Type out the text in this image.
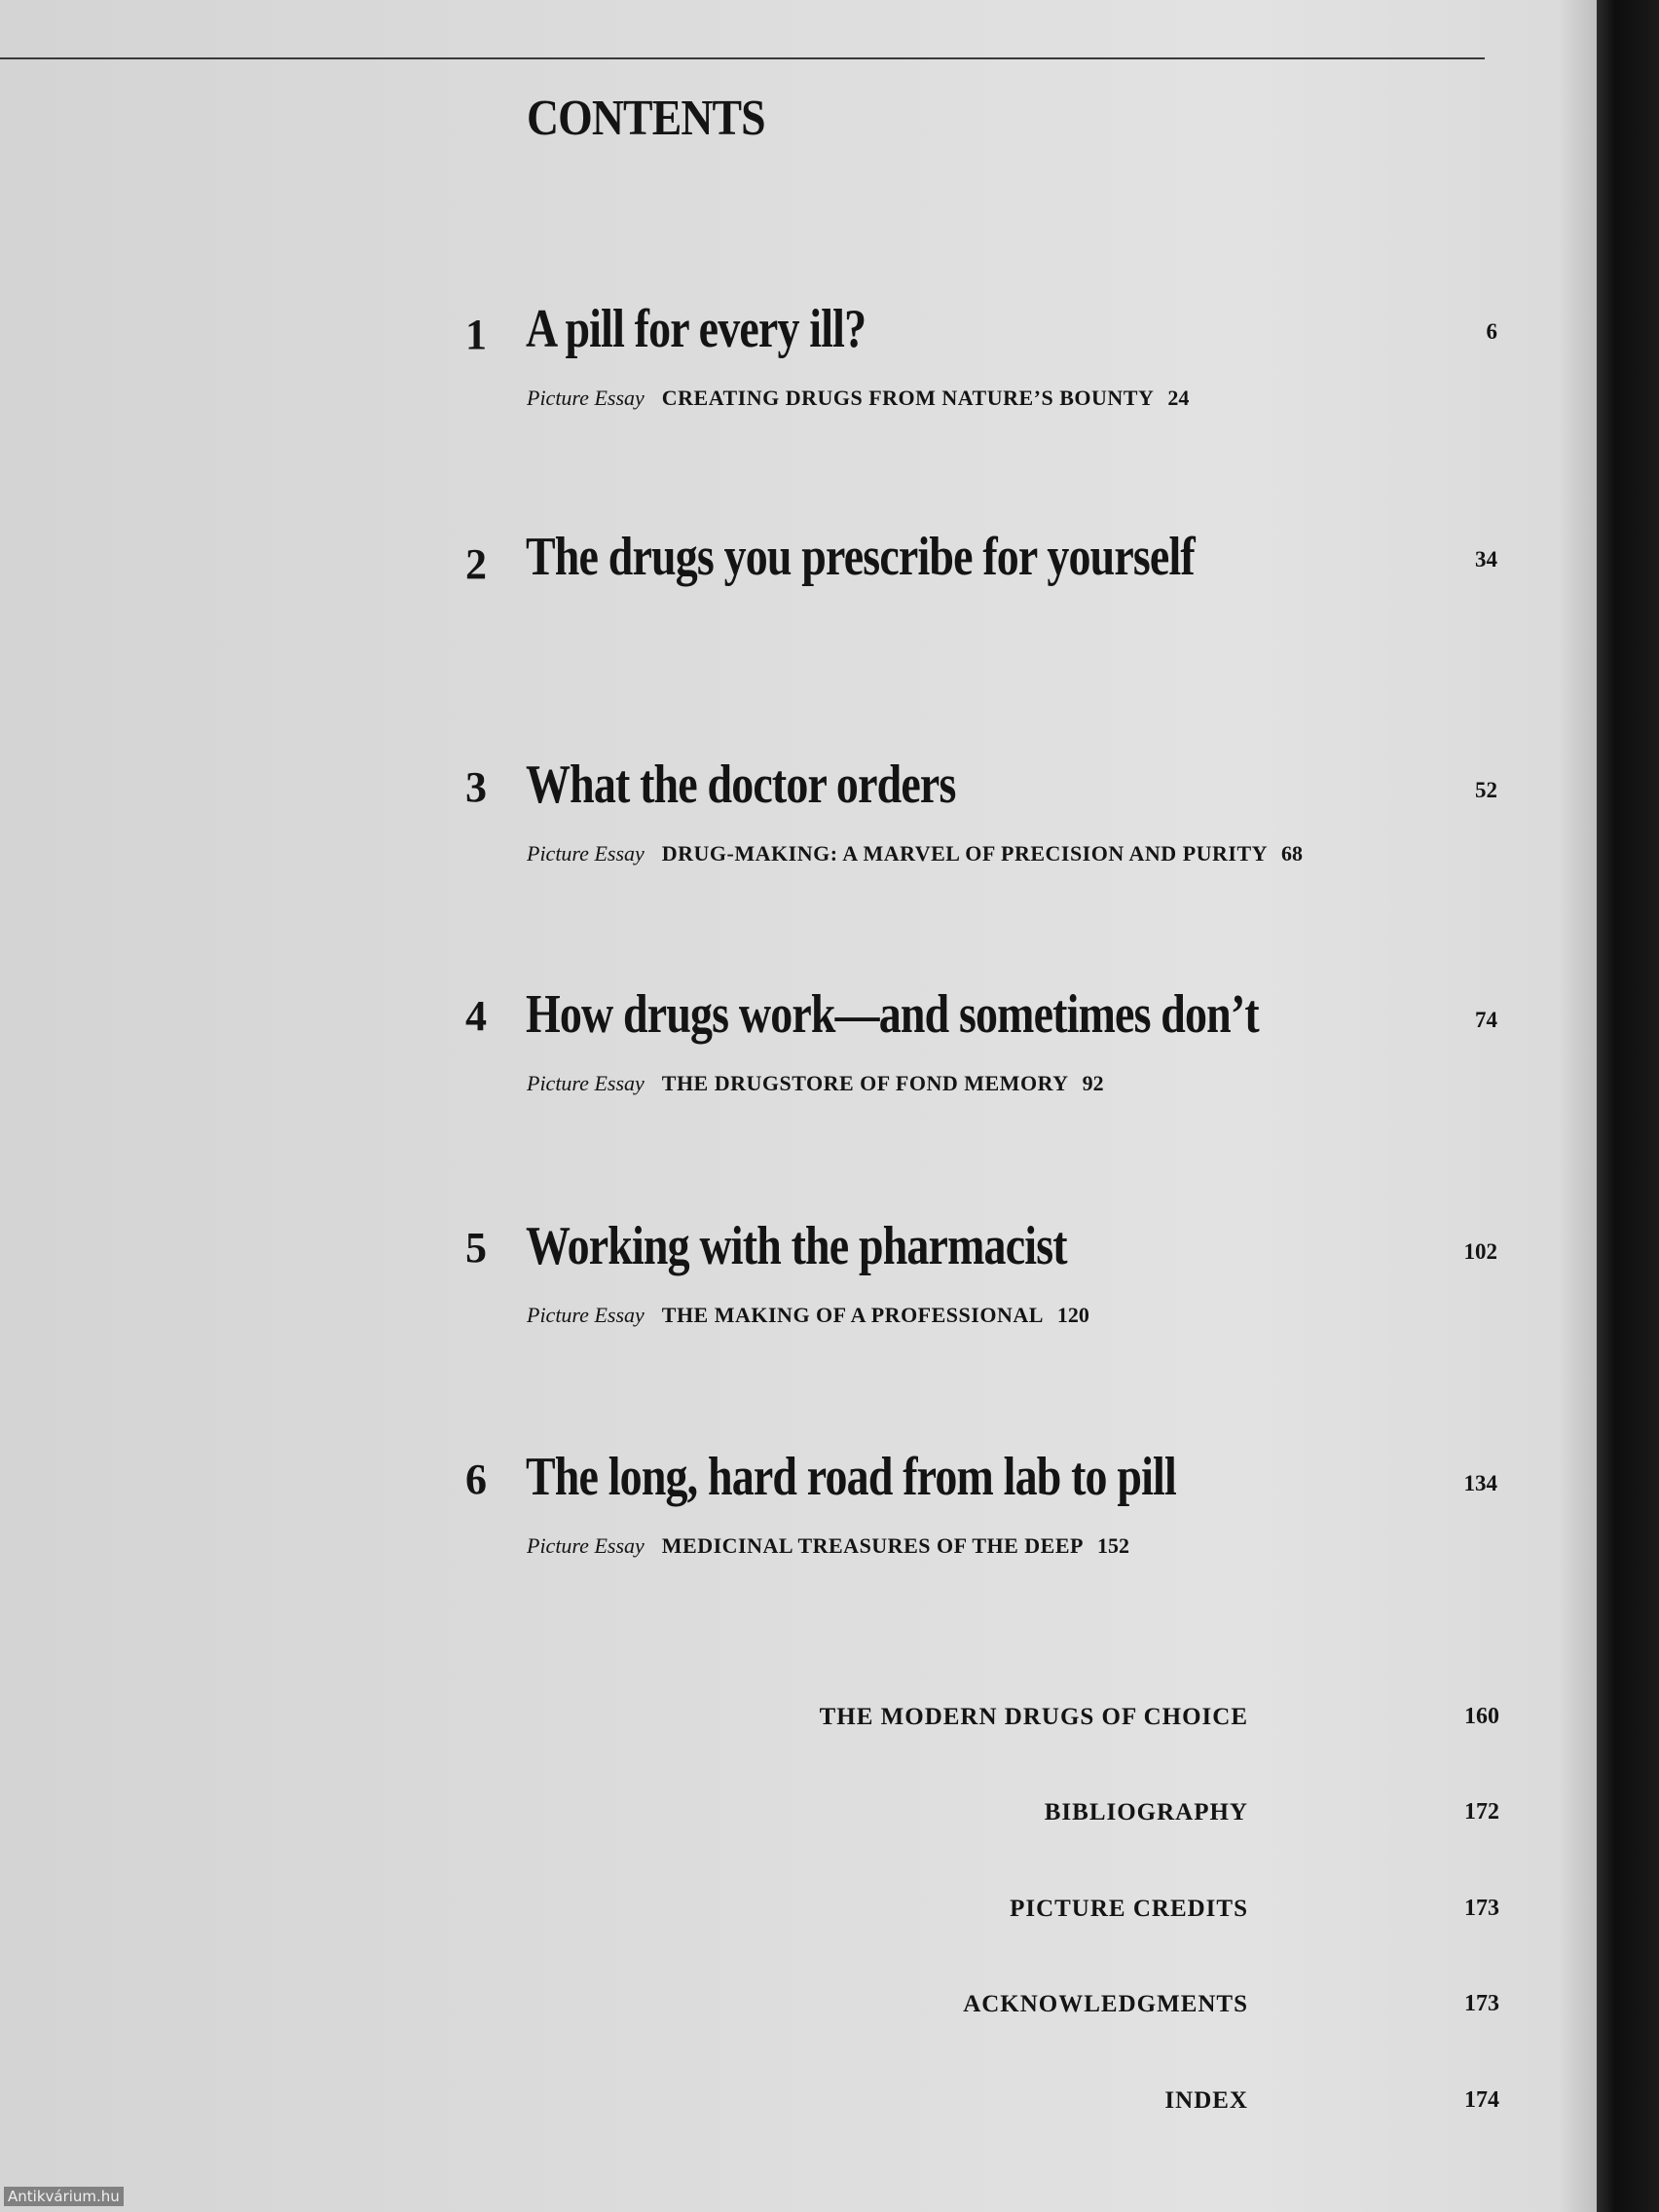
CONTENTS
1 A pill for every ill?	6
Picture Essay CREATING DRUGS FROM NATURE’S BOUNTY 24
2 The drugs you prescribe for yourself	34
3 What the doctor orders	52
Picture Essay DRUG-MAKING: A MARVEL OF PRECISION AND PURITY 68
4 How drugs work—and sometimes don’t	74
Picture Essay THE DRUGSTORE OF FOND MEMORY 92
5 Working with the pharmacist	102
Picture Essay THE MAKING OF A PROFESSIONAL 120
6 The long, hard road from lab to pill	134
Picture Essay MEDICINAL TREASURES OF THE DEEP 152
THE MODERN DRUGS OF CHOICE	160
BIBLIOGRAPHY	172
PICTURE CREDITS	173
ACKNOWLEDGMENTS	173
INDEX	174
Antikvárium.hu
